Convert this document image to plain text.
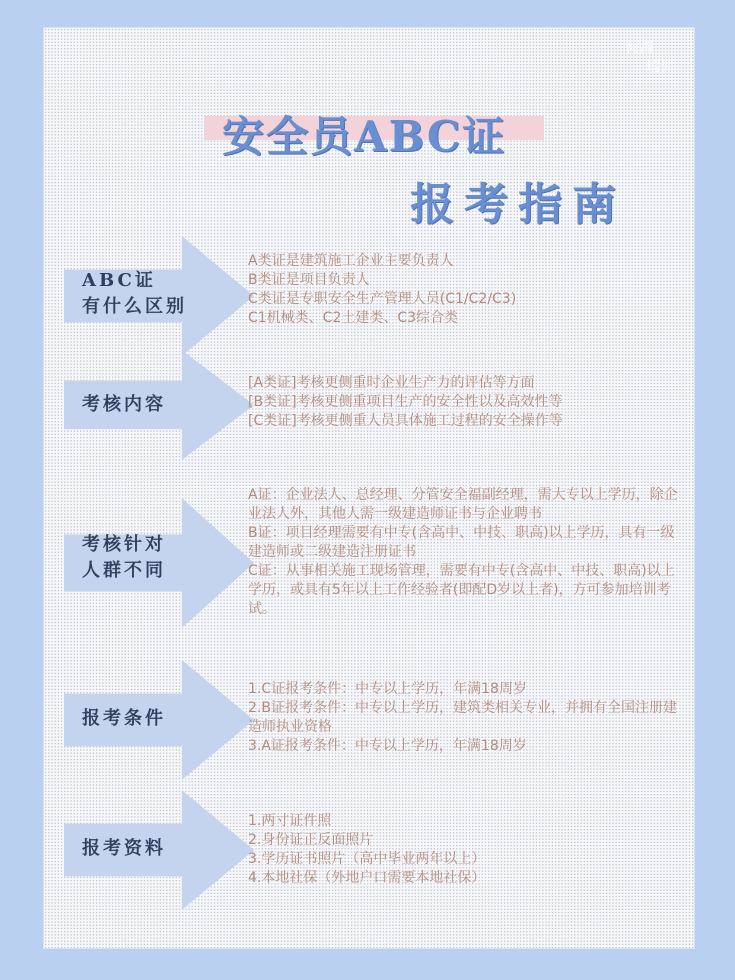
河海
培训
安全员ABC证
报考指南
ABC证
有什么区别
A类证是建筑施工企业主要负责人
B类证是项目负责人
C类证是专职安全生产管理人员(C1/C2/C3)
C1机械类、C2土建类、C3综合类
考核内容
[A类证]考核更侧重时企业生产力的评估等方面
[B类证]考核更侧重项目生产的安全性以及高效性等
[C类证]考核更侧重人员具体施工过程的安全操作等
考核针对
人群不同
A证：企业法人、总经理、分管安全福副经理，需大专以上学历，除企业法人外，其他人需一级建造师证书与企业聘书
B证：项目经理需要有中专(含高中、中技、职高)以上学历，具有一级建造师或二级建造注册证书
C证：从事相关施工现场管理，需要有中专(含高中、中技、职高)以上学历，或具有5年以上工作经验者(即配D岁以上者)，方可参加培训考试。
报考条件
1.C证报考条件：中专以上学历，年满18周岁
2.B证报考条件：中专以上学历，建筑类相关专业，并拥有全国注册建造师执业资格
3.A证报考条件：中专以上学历，年满18周岁
报考资料
1.两寸证件照
2.身份证正反面照片
3.学历证书照片（高中毕业两年以上）
4.本地社保（外地户口需要本地社保）
